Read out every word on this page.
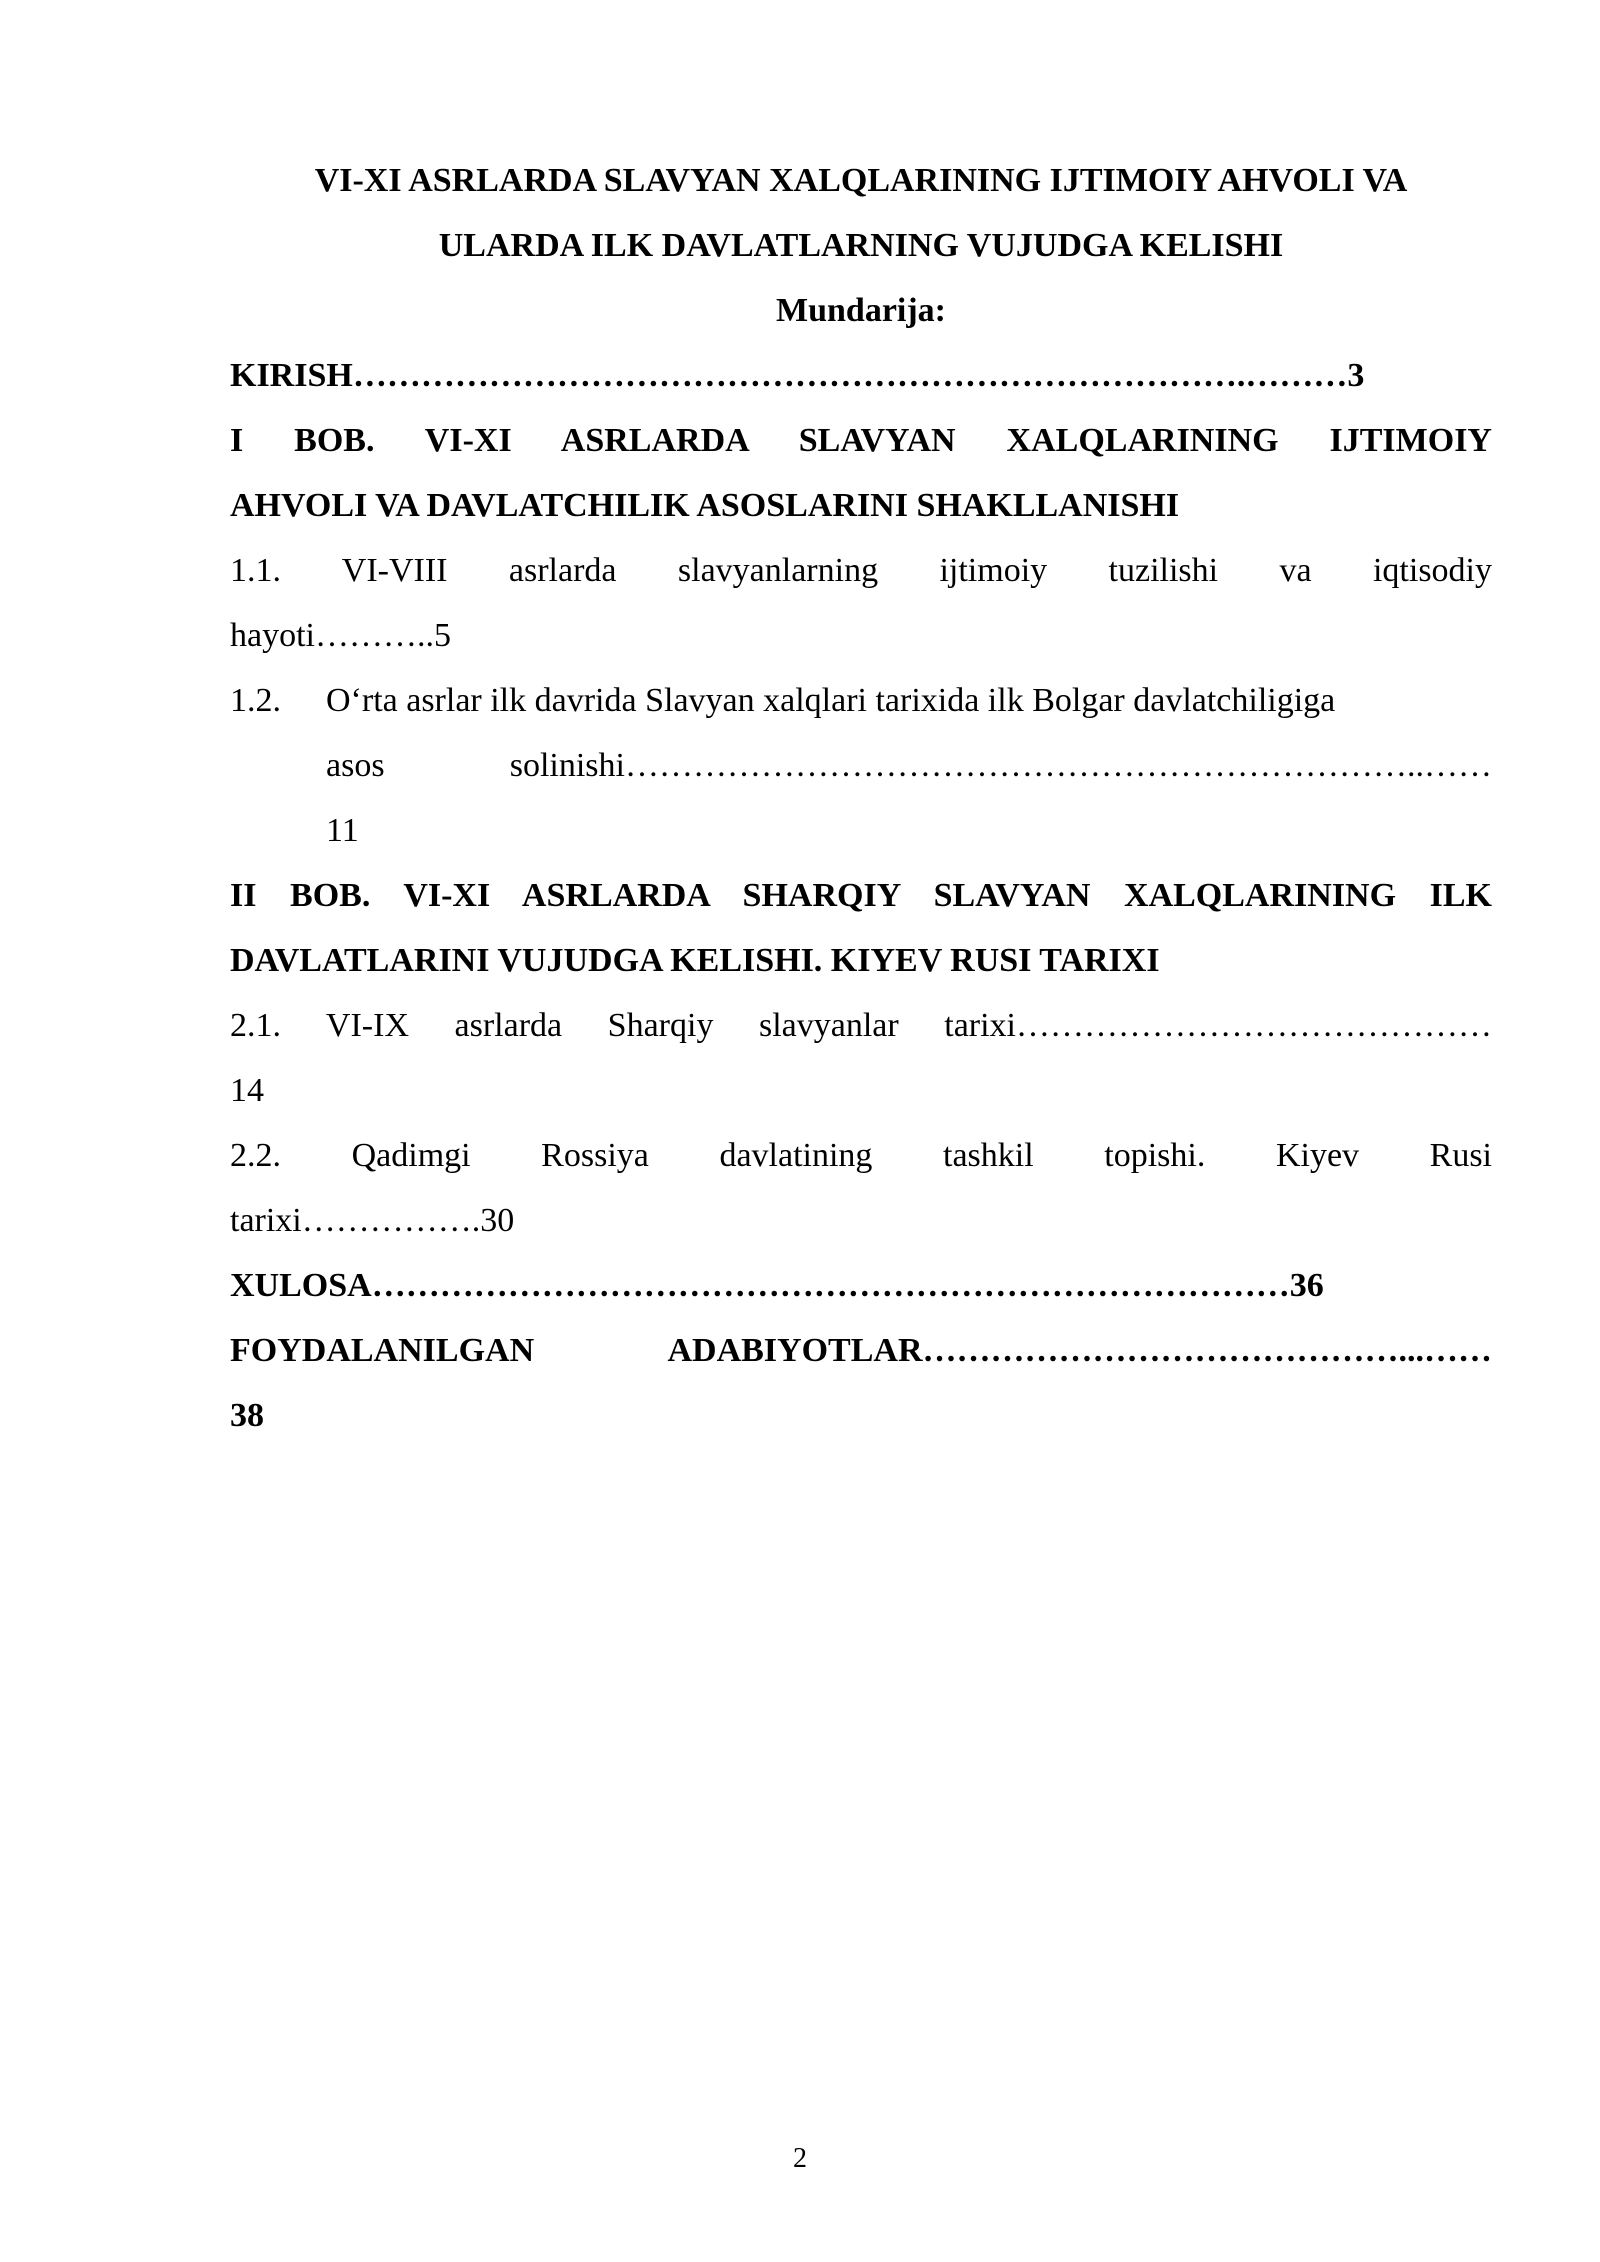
VI-XI ASRLARDA SLAVYAN XALQLARINING IJTIMOIY AHVOLI VA
ULARDA ILK DAVLATLARNING VUJUDGA KELISHI
Mundarija:
KIRISH…………………………………………………………………….………3
I BOB. VI-XI ASRLARDA SLAVYAN XALQLARINING IJTIMOIY
AHVOLI VA DAVLATCHILIK ASOSLARINI SHAKLLANISHI
1.1. VI-VIII asrlarda slavyanlarning ijtimoiy tuzilishi va iqtisodiy
hayoti………..5
1.2. O‘rta asrlar ilk davrida Slavyan xalqlari tarixida ilk Bolgar davlatchiligiga
asos solinishi……………………………………………………………..……
11
II BOB. VI-XI ASRLARDA SHARQIY SLAVYAN XALQLARINING ILK
DAVLATLARINI VUJUDGA KELISHI. KIYEV RUSI TARIXI
2.1. VI-IX asrlarda Sharqiy slavyanlar tarixi……………………………………
14
2.2. Qadimgi Rossiya davlatining tashkil topishi. Kiyev Rusi
tarixi…………….30
XULOSA………………………………………………………………………36
FOYDALANILGAN ADABIYOTLAR……………………………………...……
38
2
